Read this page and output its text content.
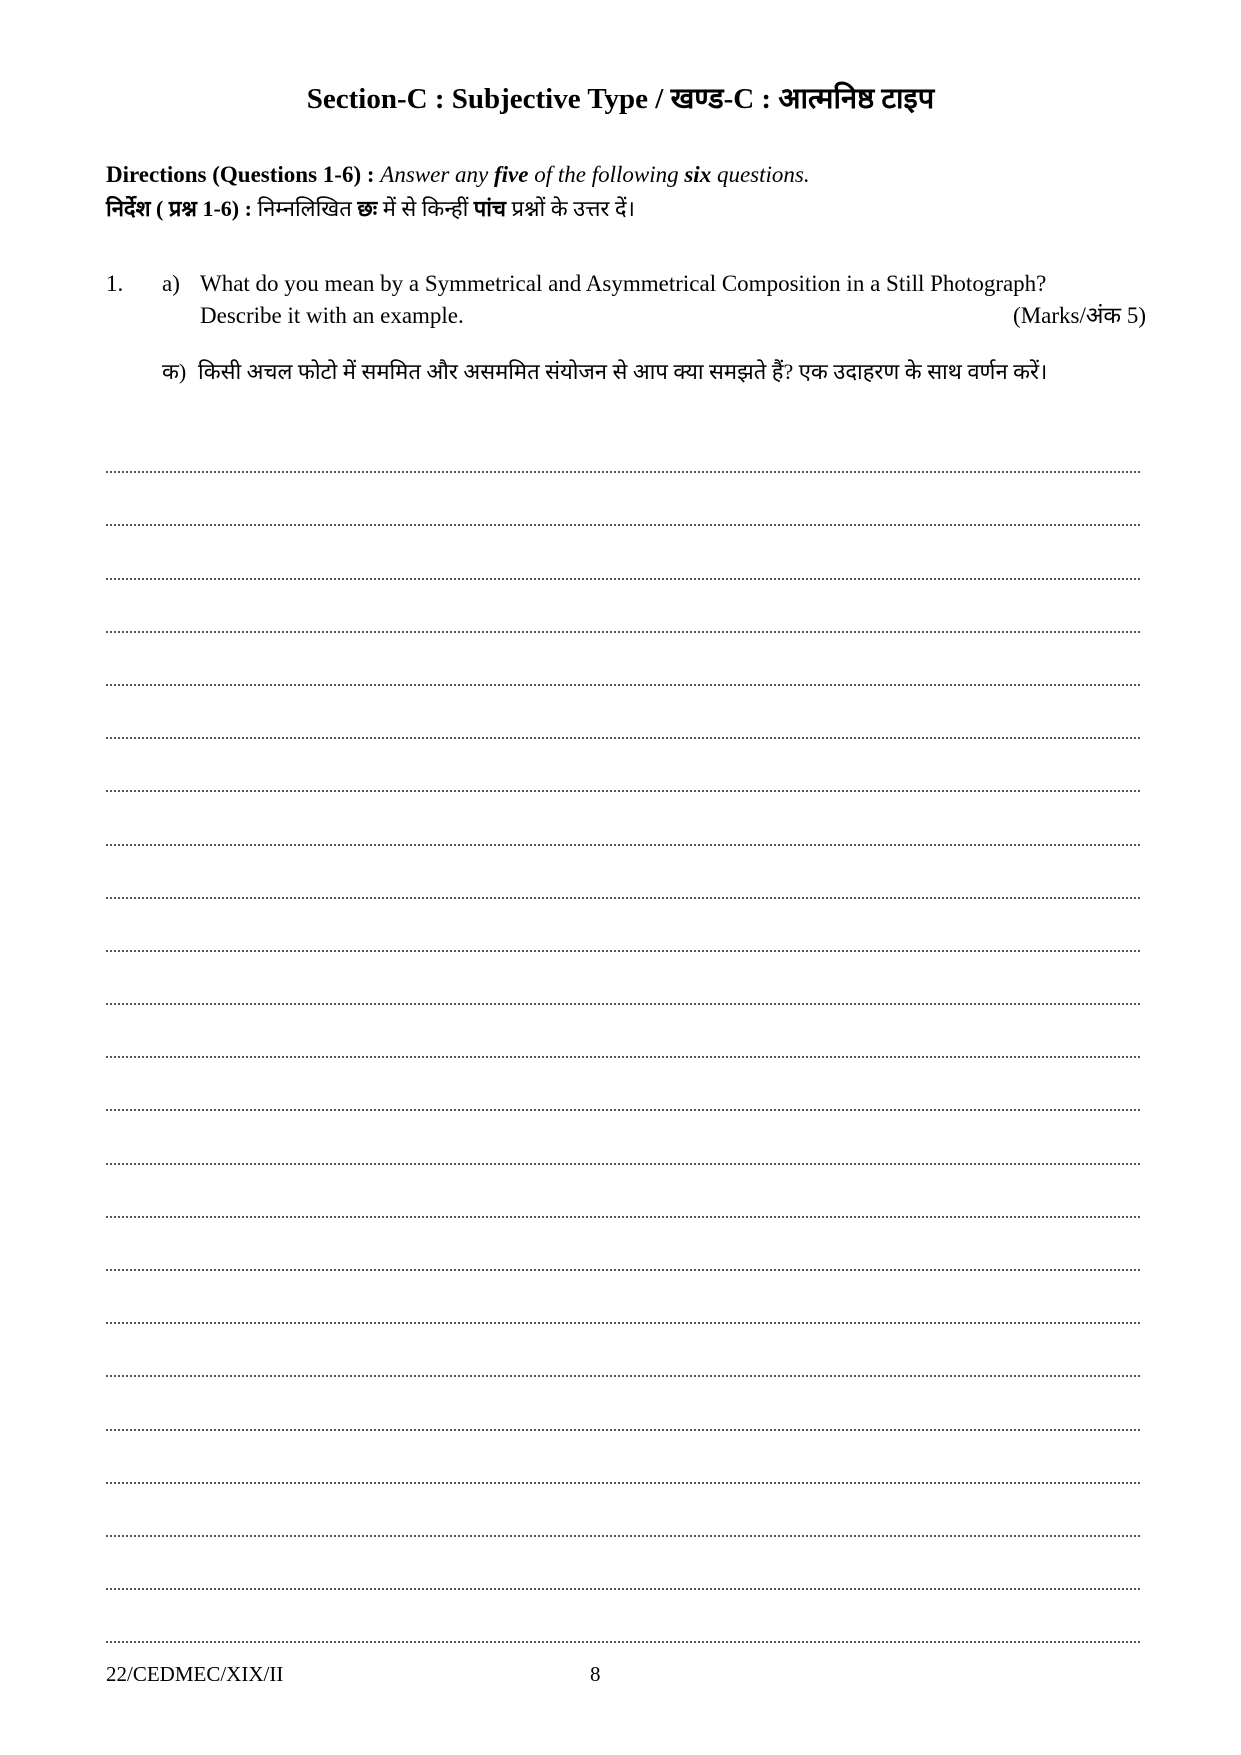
Section-C : Subjective Type / खण्ड-C : आत्मनिष्ठ टाइप
Directions (Questions 1-6) : Answer any five of the following six questions.
निर्देश ( प्रश्न 1-6) : निम्नलिखित छः में से किन्हीं पांच प्रश्नों के उत्तर दें।
1. a) What do you mean by a Symmetrical and Asymmetrical Composition in a Still Photograph?
Describe it with an example.	(Marks/अंक 5)
क) किसी अचल फोटो में सममित और असममित संयोजन से आप क्या समझते हैं? एक उदाहरण के साथ वर्णन करें।
22/CEDMEC/XIX/II	8
